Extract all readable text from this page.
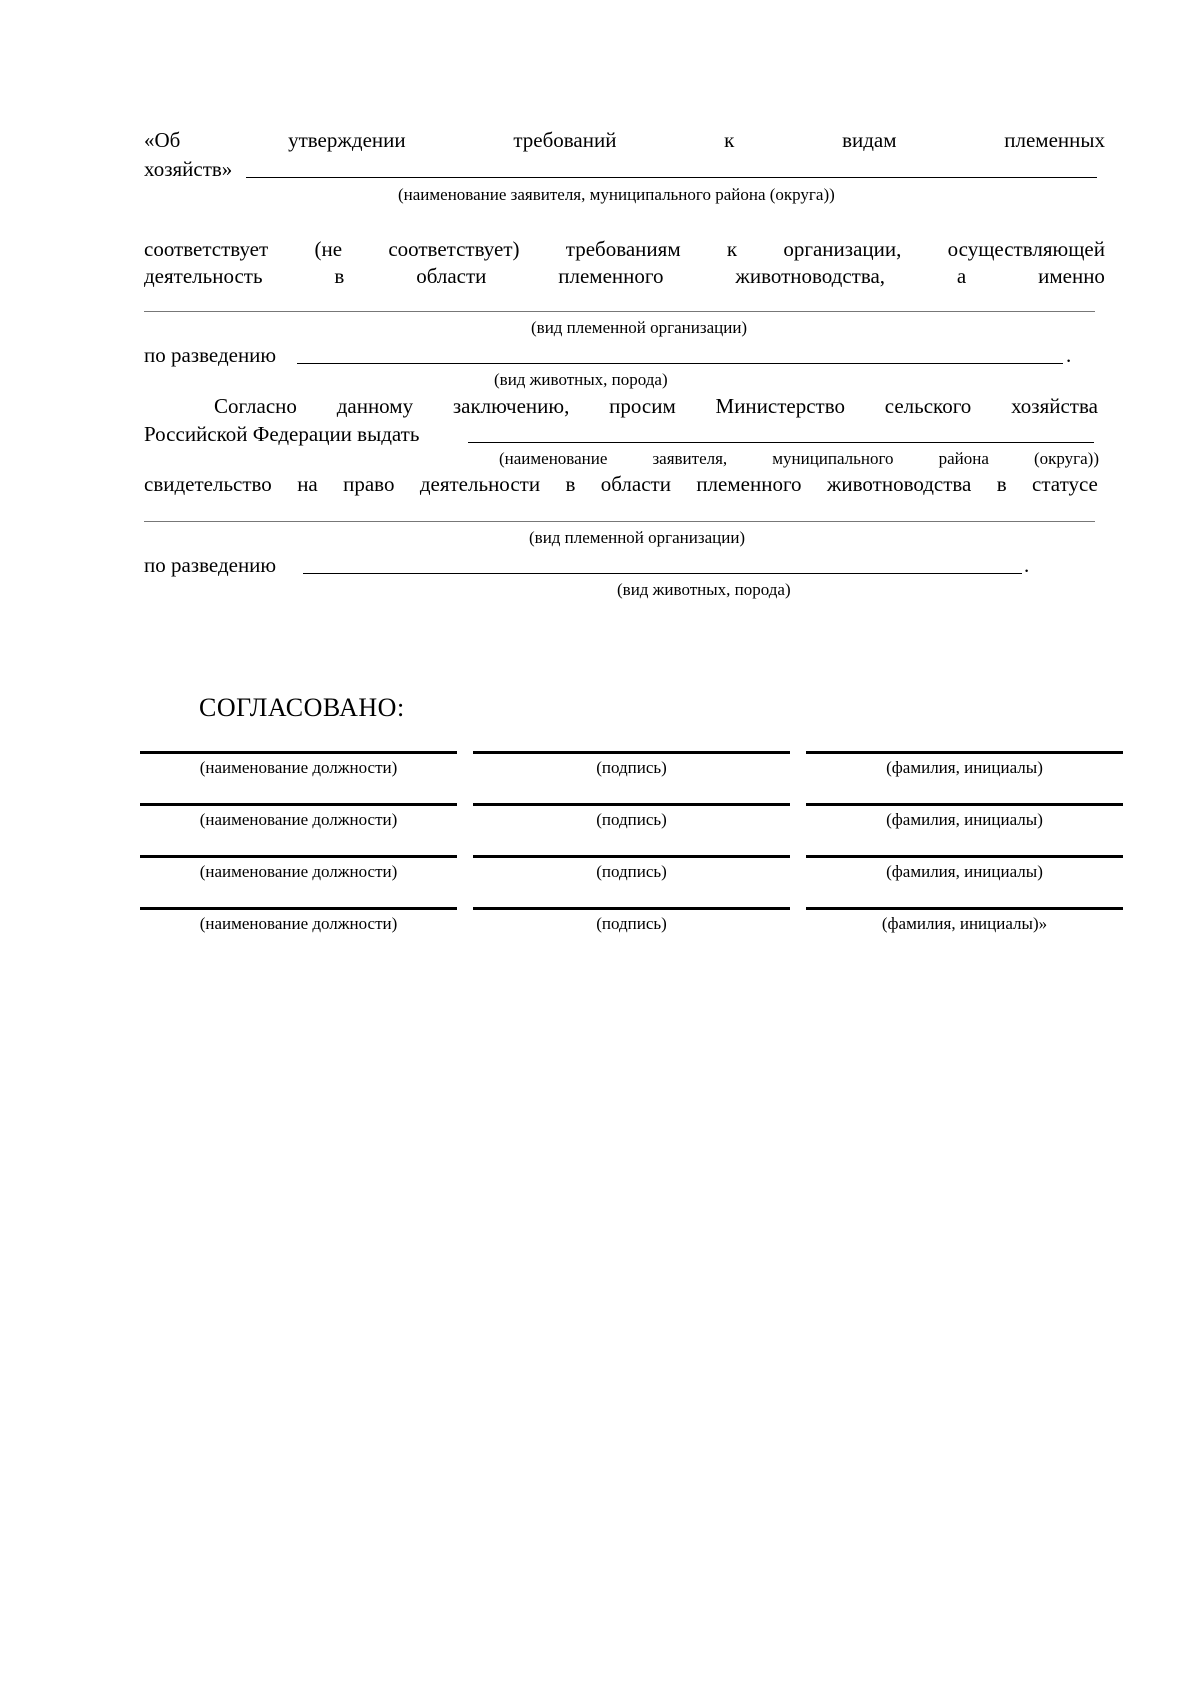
«Об	утверждении	требований	к	видам	племенных
хозяйств»
(наименование заявителя, муниципального района (округа))
соответствует (не соответствует) требованиям к организации, осуществляющей
деятельность	в	области	племенного	животноводства,	а	именно
(вид племенной организации)
по разведению	.
(вид животных, порода)
Согласно данному заключению, просим Министерство сельского хозяйства
Российской Федерации выдать
(наименование	заявителя,	муниципального	района	(округа))
свидетельство на право деятельности в области племенного животноводства в статусе
(вид племенной организации)
по разведению	.
(вид животных, порода)
СОГЛАСОВАНО:
(наименование должности)	(подпись)	(фамилия, инициалы)
(наименование должности)	(подпись)	(фамилия, инициалы)
(наименование должности)	(подпись)	(фамилия, инициалы)
(наименование должности)	(подпись)	(фамилия, инициалы)»
